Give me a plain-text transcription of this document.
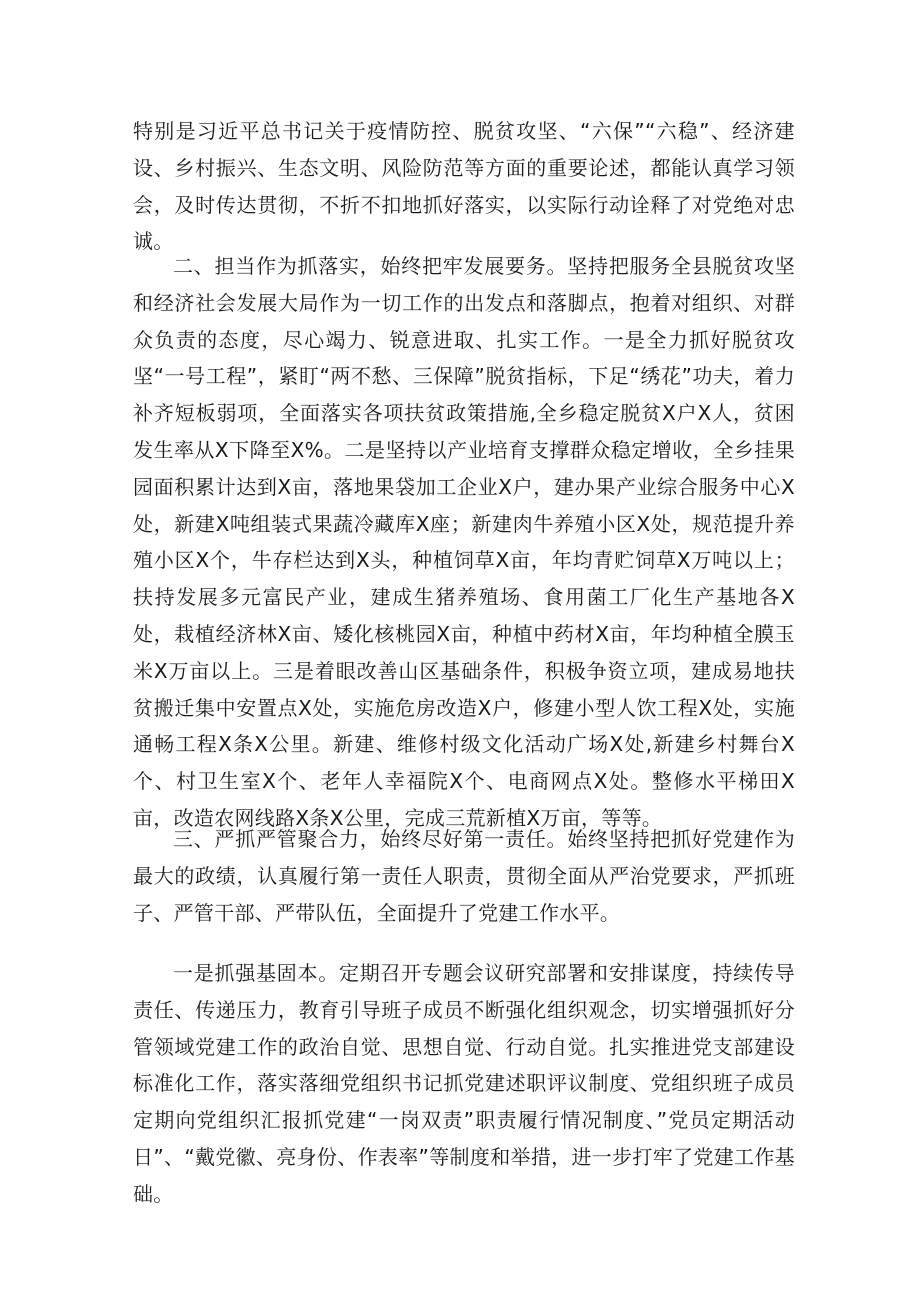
特别是习近平总书记关于疫情防控、脱贫攻坚、“六保”“六稳”、经济建设、乡村振兴、生态文明、风险防范等方面的重要论述，都能认真学习领会，及时传达贯彻，不折不扣地抓好落实，以实际行动诠释了对党绝对忠诚。

二、担当作为抓落实，始终把牢发展要务。坚持把服务全县脱贫攻坚和经济社会发展大局作为一切工作的出发点和落脚点，抱着对组织、对群众负责的态度，尽心竭力、锐意进取、扎实工作。一是全力抓好脱贫攻坚“一号工程”，紧盯“两不愁、三保障”脱贫指标，下足“绣花”功夫，着力补齐短板弱项，全面落实各项扶贫政策措施,全乡稳定脱贫X户X人，贫困发生率从X下降至X%。二是坚持以产业培育支撑群众稳定增收，全乡挂果园面积累计达到X亩，落地果袋加工企业X户，建办果产业综合服务中心X处，新建X吨组装式果蔬冷藏库X座；新建肉牛养殖小区X处，规范提升养殖小区X个，牛存栏达到X头，种植饲草X亩，年均青贮饲草X万吨以上；扶持发展多元富民产业，建成生猪养殖场、食用菌工厂化生产基地各X处，栽植经济林X亩、矮化核桃园X亩，种植中药材X亩，年均种植全膜玉米X万亩以上。三是着眼改善山区基础条件，积极争资立项，建成易地扶贫搬迁集中安置点X处，实施危房改造X户，修建小型人饮工程X处，实施通畅工程X条X公里。新建、维修村级文化活动广场X处,新建乡村舞台X个、村卫生室X个、老年人幸福院X个、电商网点X处。整修水平梯田X亩，改造农网线路X条X公里，完成三荒新植X万亩，等等。

三、严抓严管聚合力，始终尽好第一责任。始终坚持把抓好党建作为最大的政绩，认真履行第一责任人职责，贯彻全面从严治党要求，严抓班子、严管干部、严带队伍，全面提升了党建工作水平。

一是抓强基固本。定期召开专题会议研究部署和安排谋度，持续传导责任、传递压力，教育引导班子成员不断强化组织观念，切实增强抓好分管领域党建工作的政治自觉、思想自觉、行动自觉。扎实推进党支部建设标准化工作，落实落细党组织书记抓党建述职评议制度、党组织班子成员定期向党组织汇报抓党建“一岗双责”职责履行情况制度、”党员定期活动日”、“戴党徽、亮身份、作表率”等制度和举措，进一步打牢了党建工作基础。
